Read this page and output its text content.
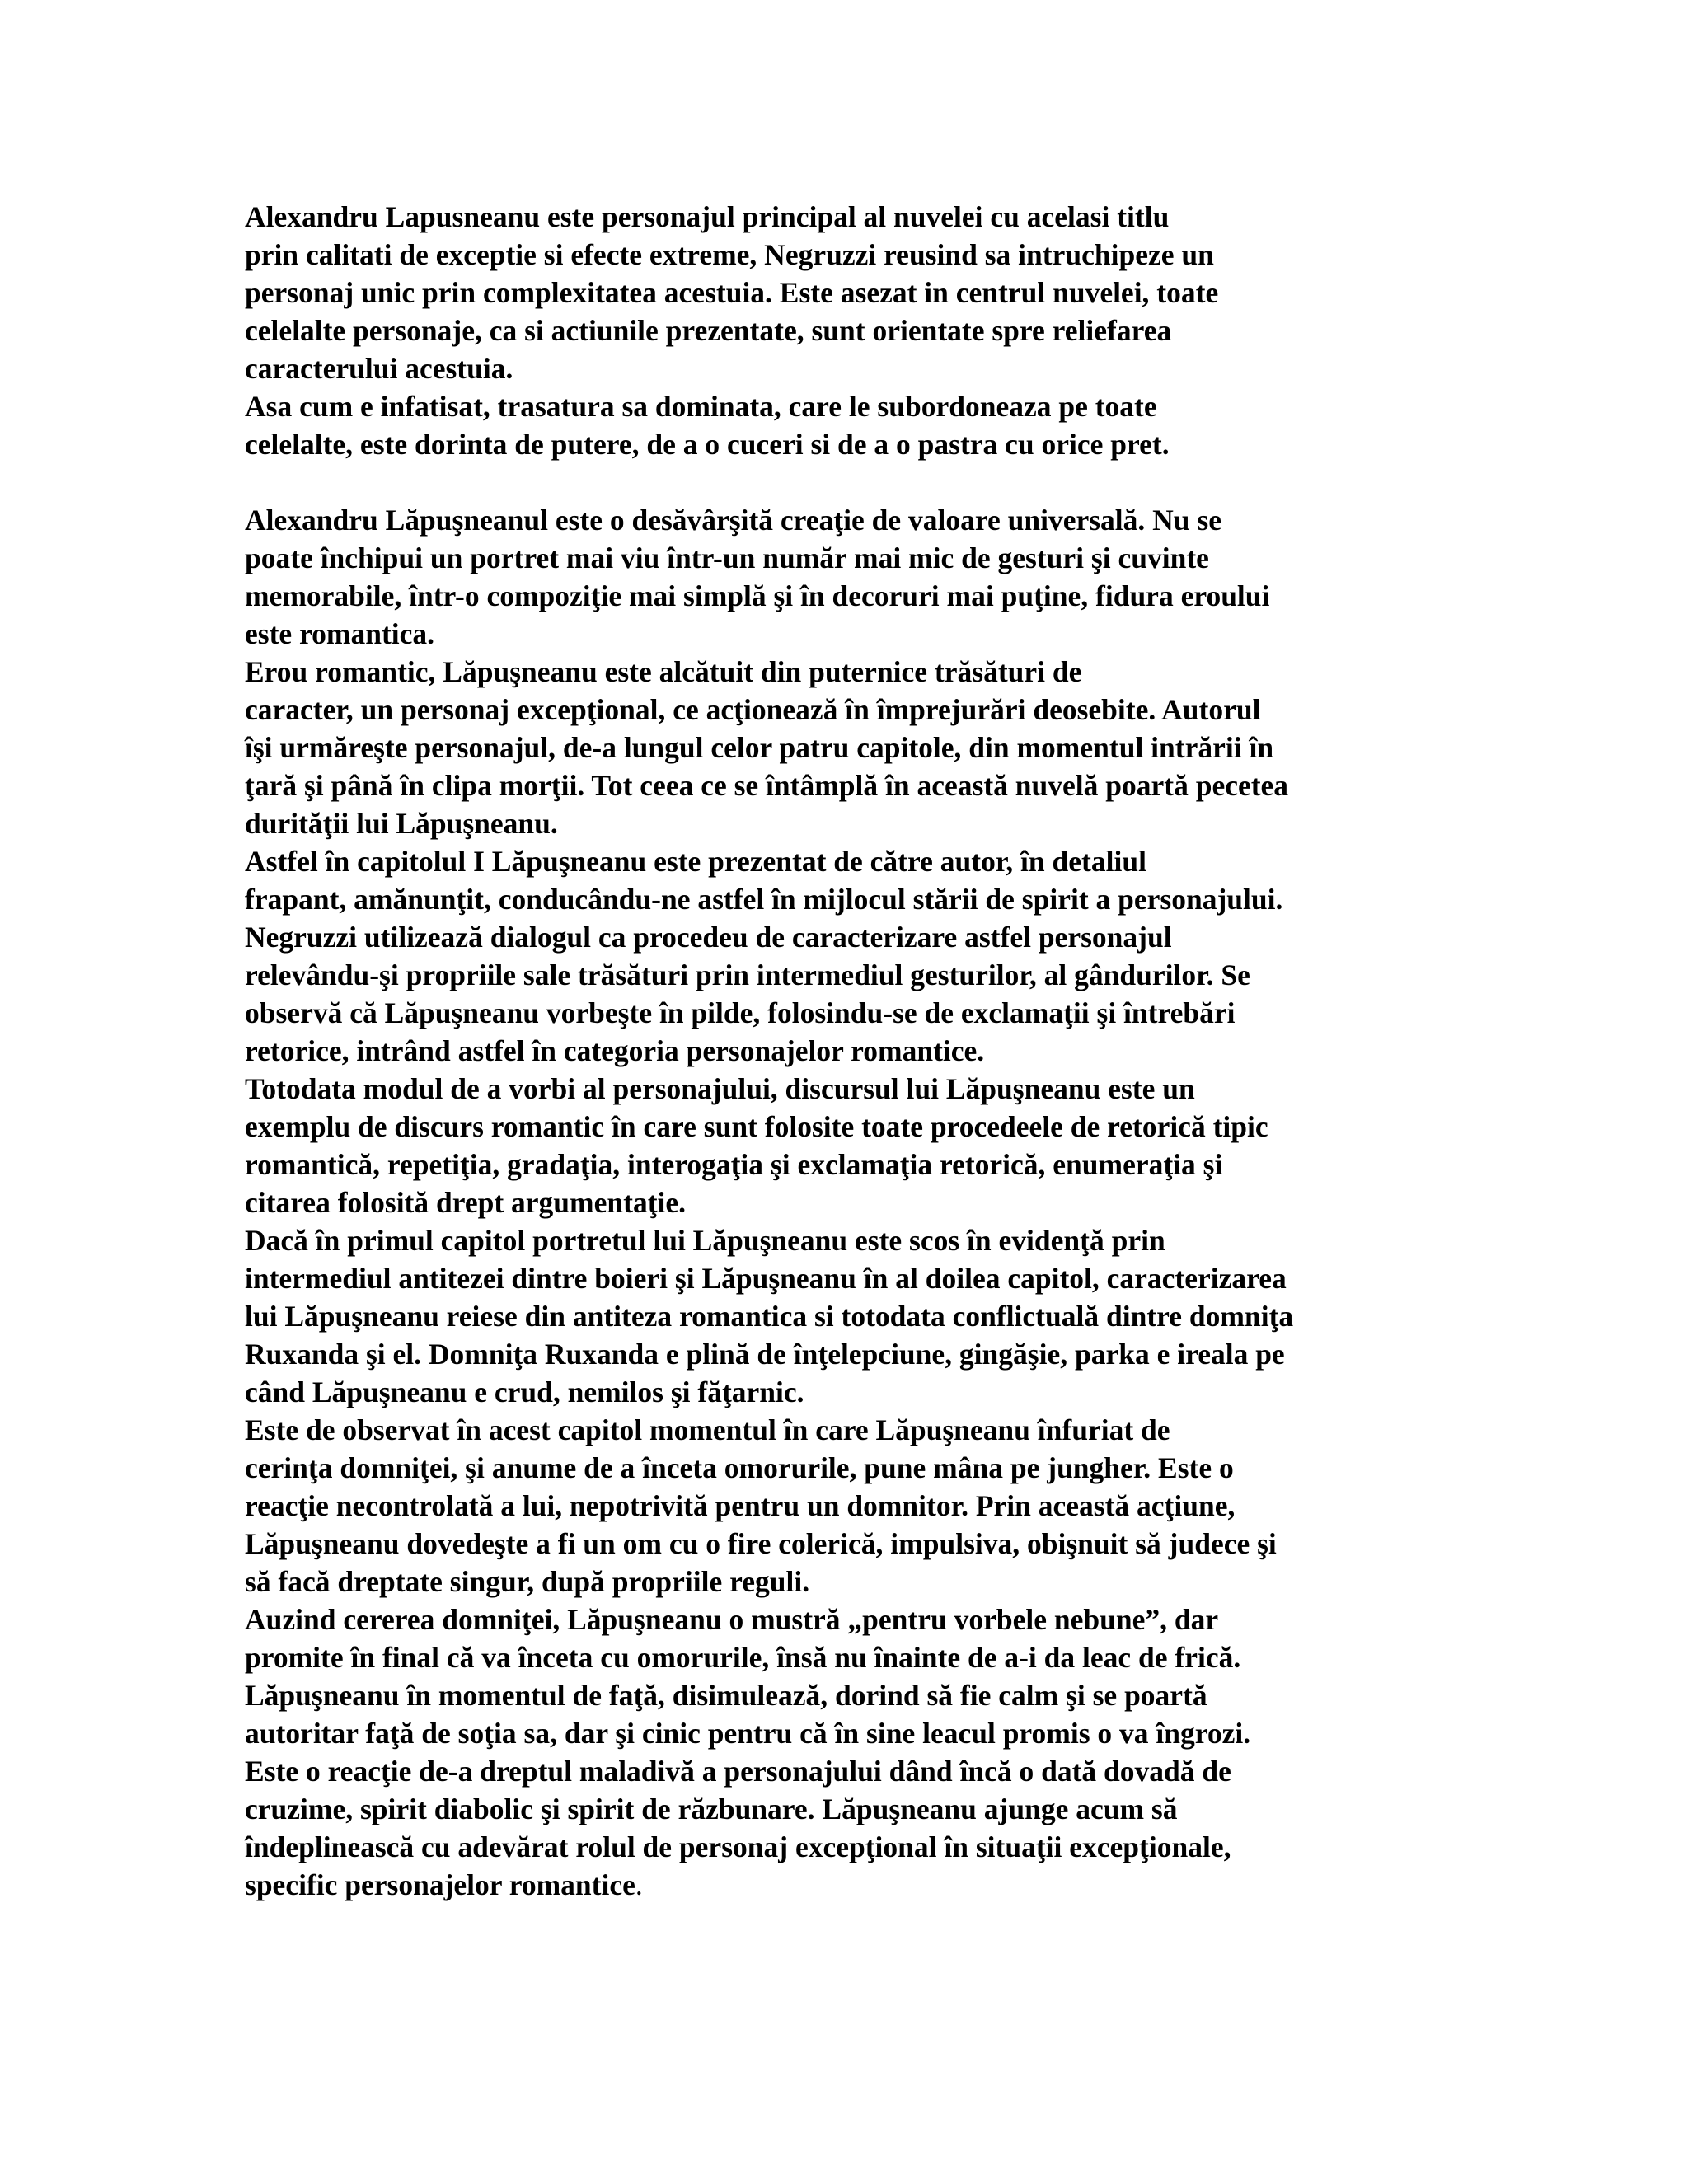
Alexandru Lapusneanu este personajul principal al nuvelei cu acelasi titlu
prin calitati de exceptie si efecte extreme, Negruzzi reusind sa intruchipeze un
personaj unic prin complexitatea acestuia. Este asezat in centrul nuvelei, toate
celelalte personaje, ca si actiunile prezentate, sunt orientate spre reliefarea
caracterului acestuia.

Asa cum e infatisat, trasatura sa dominata, care le subordoneaza pe toate
celelalte, este dorinta de putere, de a o cuceri si de a o pastra cu orice pret.

Alexandru Lăpuşneanul este o desăvârşită creaţie de valoare universală. Nu se
poate închipui un portret mai viu într-un număr mai mic de gesturi şi cuvinte
memorabile, într-o compoziţie mai simplă şi în decoruri mai puţine, fidura eroului
este romantica.

Erou romantic, Lăpuşneanu este alcătuit din puternice trăsături de
caracter, un personaj excepţional, ce acţionează în împrejurări deosebite. Autorul
îşi urmăreşte personajul, de-a lungul celor patru capitole, din momentul intrării în
ţară şi până în clipa morţii. Tot ceea ce se întâmplă în această nuvelă poartă pecetea
durităţii lui Lăpuşneanu.

Astfel în capitolul I Lăpuşneanu este prezentat de către autor, în detaliul
frapant, amănunţit, conducându-ne astfel în mijlocul stării de spirit a personajului.
Negruzzi utilizează dialogul ca procedeu de caracterizare astfel personajul
relevându-şi propriile sale trăsături prin intermediul gesturilor, al gândurilor. Se
observă că Lăpuşneanu vorbeşte în pilde, folosindu-se de exclamaţii şi întrebări
retorice, intrând astfel în categoria personajelor romantice.

Totodata modul de a vorbi al personajului, discursul lui Lăpuşneanu este un
exemplu de discurs romantic în care sunt folosite toate procedeele de retorică tipic
romantică, repetiţia, gradaţia, interogaţia şi exclamaţia retorică, enumeraţia şi
citarea folosită drept argumentaţie.

Dacă în primul capitol portretul lui Lăpuşneanu este scos în evidenţă prin
intermediul antitezei dintre boieri şi Lăpuşneanu în al doilea capitol, caracterizarea
lui Lăpuşneanu reiese din antiteza romantica si totodata conflictuală dintre domniţa
Ruxanda şi el. Domniţa Ruxanda e plină de înţelepciune, gingăşie, parka e ireala pe
când Lăpuşneanu e crud, nemilos şi făţarnic.

Este de observat în acest capitol momentul în care Lăpuşneanu înfuriat de
cerinţa domniţei, şi anume de a înceta omorurile, pune mâna pe jungher. Este o
reacţie necontrolată a lui, nepotrivită pentru un domnitor. Prin această acţiune,
Lăpuşneanu dovedeşte a fi un om cu o fire colerică, impulsiva, obişnuit să judece şi
să facă dreptate singur, după propriile reguli.

Auzind cererea domniţei, Lăpuşneanu o mustră „pentru vorbele nebune”, dar
promite în final că va înceta cu omorurile, însă nu înainte de a-i da leac de frică.
Lăpuşneanu în momentul de faţă, disimulează, dorind să fie calm şi se poartă
autoritar faţă de soţia sa, dar şi cinic pentru că în sine leacul promis o va îngrozi.
Este o reacţie de-a dreptul maladivă a personajului dând încă o dată dovadă de
cruzime, spirit diabolic şi spirit de răzbunare. Lăpuşneanu ajunge acum să
îndeplinească cu adevărat rolul de personaj excepţional în situaţii excepţionale,
specific personajelor romantice.
